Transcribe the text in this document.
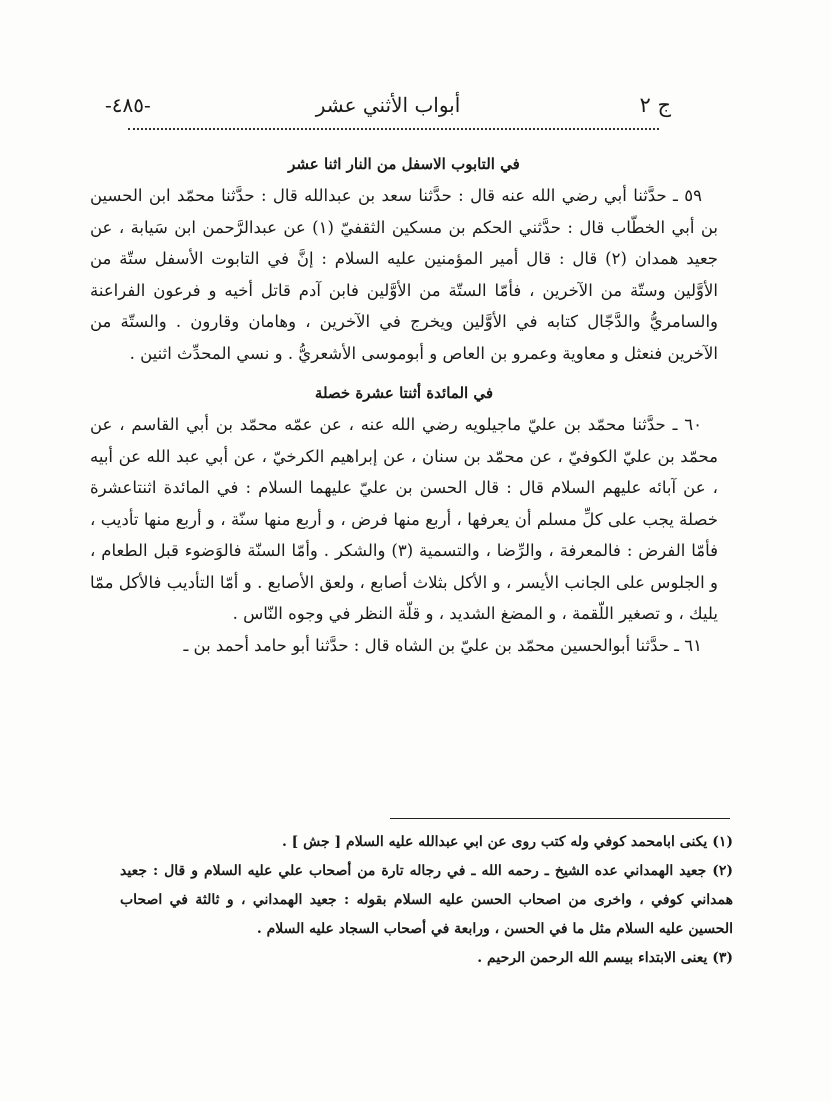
ج ٢
أبواب الأثني عشر
-٤٨٥-
في التابوب الاسفل من النار اثنا عشر

٥٩ ـ حدَّثنا أبي رضي الله عنه قال : حدَّثنا سعد بن عبدالله قال : حدَّثنا محمّد ابن الحسين بن أبي الخطّاب قال : حدَّثني الحكم بن مسكين الثقفيّ (١) عن عبدالرَّحمن ابن سَيابة ، عن جعيد همدان (٢) قال : قال أمير المؤمنين عليه السلام : إنَّ في التابوت الأسفل ستّة من الأوَّلين وستّة من الآخرين ، فأمّا الستّة من الأوَّلين فابن آدم قاتل أخيه و فرعون الفراعنة والسامريُّ والدَّجّال كتابه في الأوَّلين ويخرج في الآخرين ، وهامان وقارون . والستّة من الآخرين فنعثل و معاوية وعمرو بن العاص و أبوموسى الأشعريُّ . و نسي المحدِّث اثنين .

في المائدة أثنتا عشرة خصلة

٦٠ ـ حدَّثنا محمّد بن عليّ ماجيلويه رضي الله عنه ، عن عمّه محمّد بن أبي القاسم ، عن محمّد بن عليّ الكوفيّ ، عن محمّد بن سنان ، عن إبراهيم الكرخيّ ، عن أبي عبد الله عن أبيه ، عن آبائه عليهم السلام قال : قال الحسن بن عليّ عليهما السلام : في المائدة اثنتاعشرة خصلة يجب على كلِّ مسلم أن يعرفها ، أربع منها فرض ، و أربع منها سنّة ، و أربع منها تأديب ، فأمّا الفرض : فالمعرفة ، والرِّضا ، والتسمية (٣) والشكر . وأمّا السنّة فالوَضوء قبل الطعام ، و الجلوس على الجانب الأيسر ، و الأكل بثلاث أصابع ، ولعق الأصابع . و أمّا التأديب فالأكل ممّا يليك ، و تصغير اللّقمة ، و المضغ الشديد ، و قلّة النظر في وجوه النّاس .

٦١ ـ حدَّثنا أبوالحسين محمّد بن عليّ بن الشاه قال : حدَّثنا أبو حامد أحمد بن ـ

(١) يكنى ابامحمد كوفي وله كتب روى عن ابي عبدالله عليه السلام [ جش ] .

(٢) جعيد الهمداني عده الشيخ ـ رحمه الله ـ في رجاله تارة من أصحاب علي عليه السلام و قال : جعيد همداني كوفي ، واخرى من اصحاب الحسن عليه السلام بقوله : جعيد الهمداني ، و ثالثة في اصحاب الحسين عليه السلام مثل ما في الحسن ، ورابعة في أصحاب السجاد عليه السلام .

(٣) يعنى الابتداء بيسم الله الرحمن الرحيم .
